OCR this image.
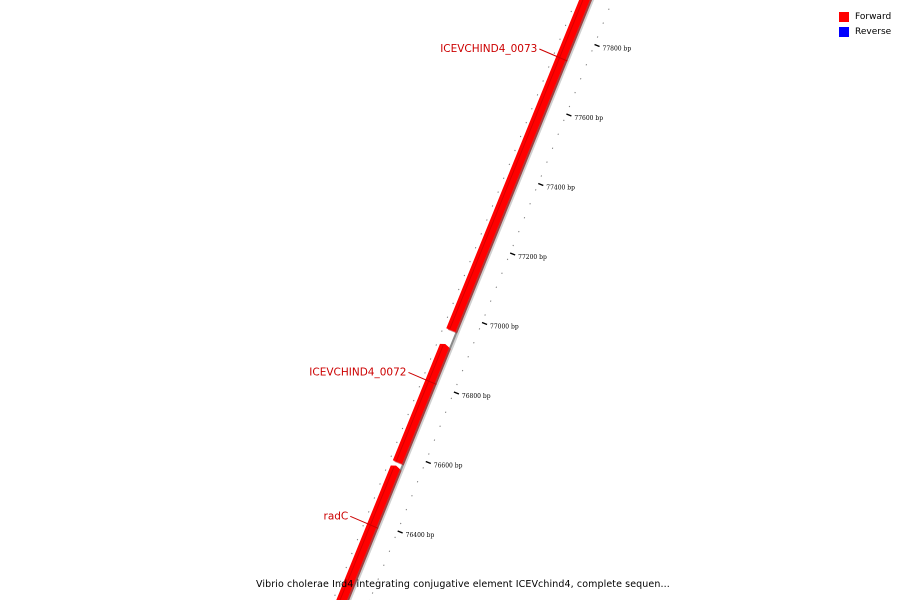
76400 bp
76600 bp
76800 bp
77000 bp
77200 bp
77400 bp
77600 bp
77800 bp
radC
ICEVCHIND4_0072
ICEVCHIND4_0073
Forward
Reverse
Vibrio cholerae Ind4 integrating conjugative element ICEVchind4, complete sequen...
